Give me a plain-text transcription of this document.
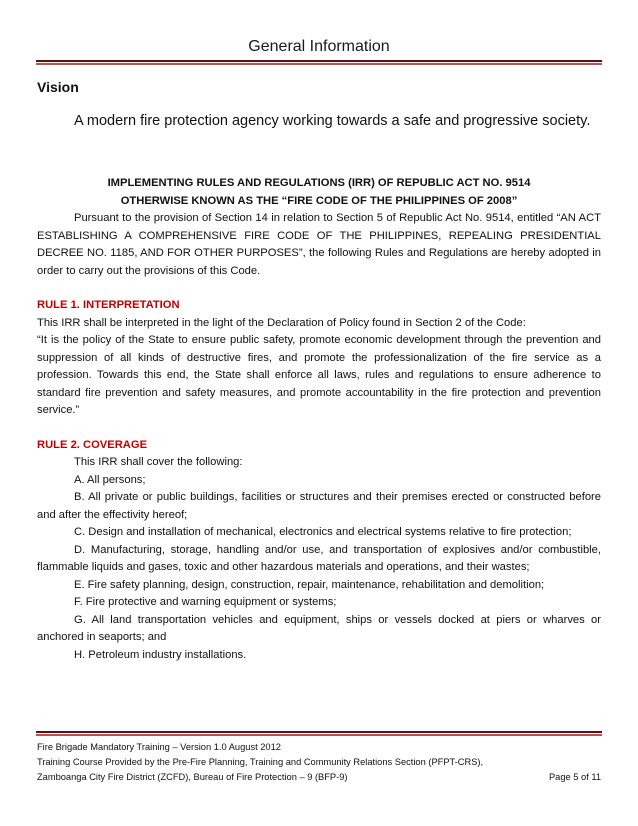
General Information
Vision

A modern fire protection agency working towards a safe and progressive society.

IMPLEMENTING RULES AND REGULATIONS (IRR) OF REPUBLIC ACT NO. 9514

OTHERWISE KNOWN AS THE “FIRE CODE OF THE PHILIPPINES OF 2008”

Pursuant to the provision of Section 14 in relation to Section 5 of Republic Act No. 9514, entitled “AN ACT ESTABLISHING A COMPREHENSIVE FIRE CODE OF THE PHILIPPINES, REPEALING PRESIDENTIAL DECREE NO. 1185, AND FOR OTHER PURPOSES”, the following Rules and Regulations are hereby adopted in order to carry out the provisions of this Code.

RULE 1. INTERPRETATION

This IRR shall be interpreted in the light of the Declaration of Policy found in Section 2 of the Code:

“It is the policy of the State to ensure public safety, promote economic development through the prevention and suppression of all kinds of destructive fires, and promote the professionalization of the fire service as a profession. Towards this end, the State shall enforce all laws, rules and regulations to ensure adherence to standard fire prevention and safety measures, and promote accountability in the fire protection and prevention service.”

RULE 2. COVERAGE

This IRR shall cover the following:

A. All persons;

B. All private or public buildings, facilities or structures and their premises erected or constructed before and after the effectivity hereof;

C. Design and installation of mechanical, electronics and electrical systems relative to fire protection;

D. Manufacturing, storage, handling and/or use, and transportation of explosives and/or combustible, flammable liquids and gases, toxic and other hazardous materials and operations, and their wastes;

E. Fire safety planning, design, construction, repair, maintenance, rehabilitation and demolition;

F. Fire protective and warning equipment or systems;

G. All land transportation vehicles and equipment, ships or vessels docked at piers or wharves or anchored in seaports; and

H. Petroleum industry installations.

Fire Brigade Mandatory Training – Version 1.0 August 2012
Training Course Provided by the Pre-Fire Planning, Training and Community Relations Section (PFPT-CRS),
Zamboanga City Fire District (ZCFD), Bureau of Fire Protection – 9 (BFP-9)	Page 5 of 11
